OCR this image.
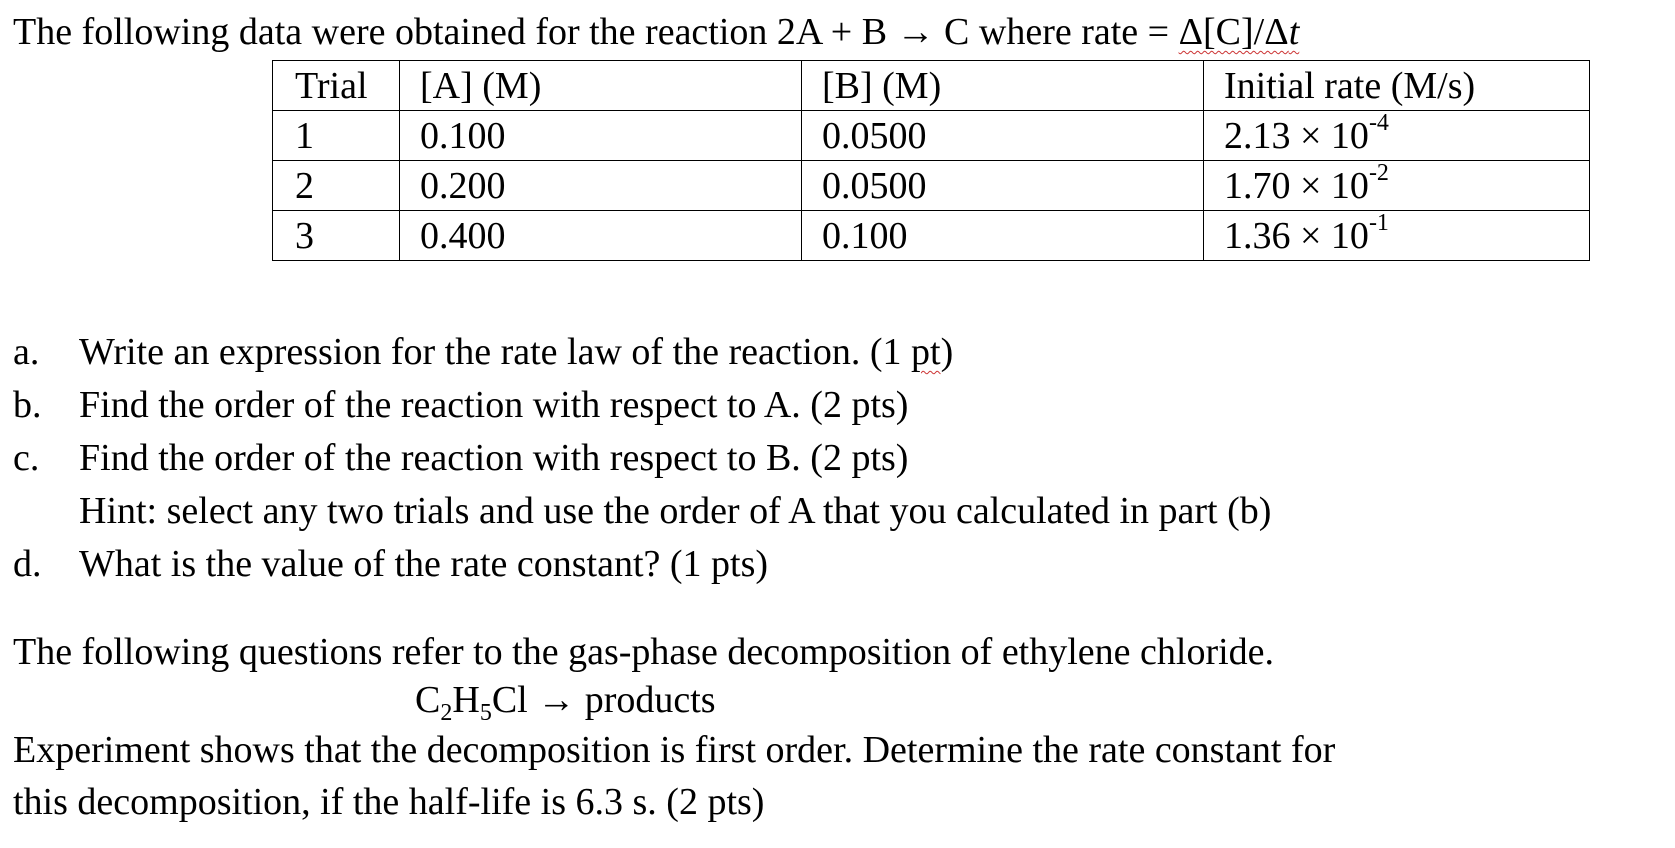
The following data were obtained for the reaction 2A + B → C where rate = Δ[C]/Δt
Trial	[A] (M)	[B] (M)	Initial rate (M/s)
1	0.100	0.0500	$2.13 \times 10^{-4}$
2	0.200	0.0500	$1.70 \times 10^{-2}$
3	0.400	0.100	$1.36 \times 10^{-1}$
a. Write an expression for the rate law of the reaction. (1 pt)
b. Find the order of the reaction with respect to A. (2 pts)
c. Find the order of the reaction with respect to B. (2 pts)
Hint: select any two trials and use the order of A that you calculated in part (b)
d. What is the value of the rate constant? (1 pts)
The following questions refer to the gas-phase decomposition of ethylene chloride.
$C_2H_5Cl$ → products
Experiment shows that the decomposition is first order. Determine the rate constant for
this decomposition, if the half-life is 6.3 s. (2 pts)
